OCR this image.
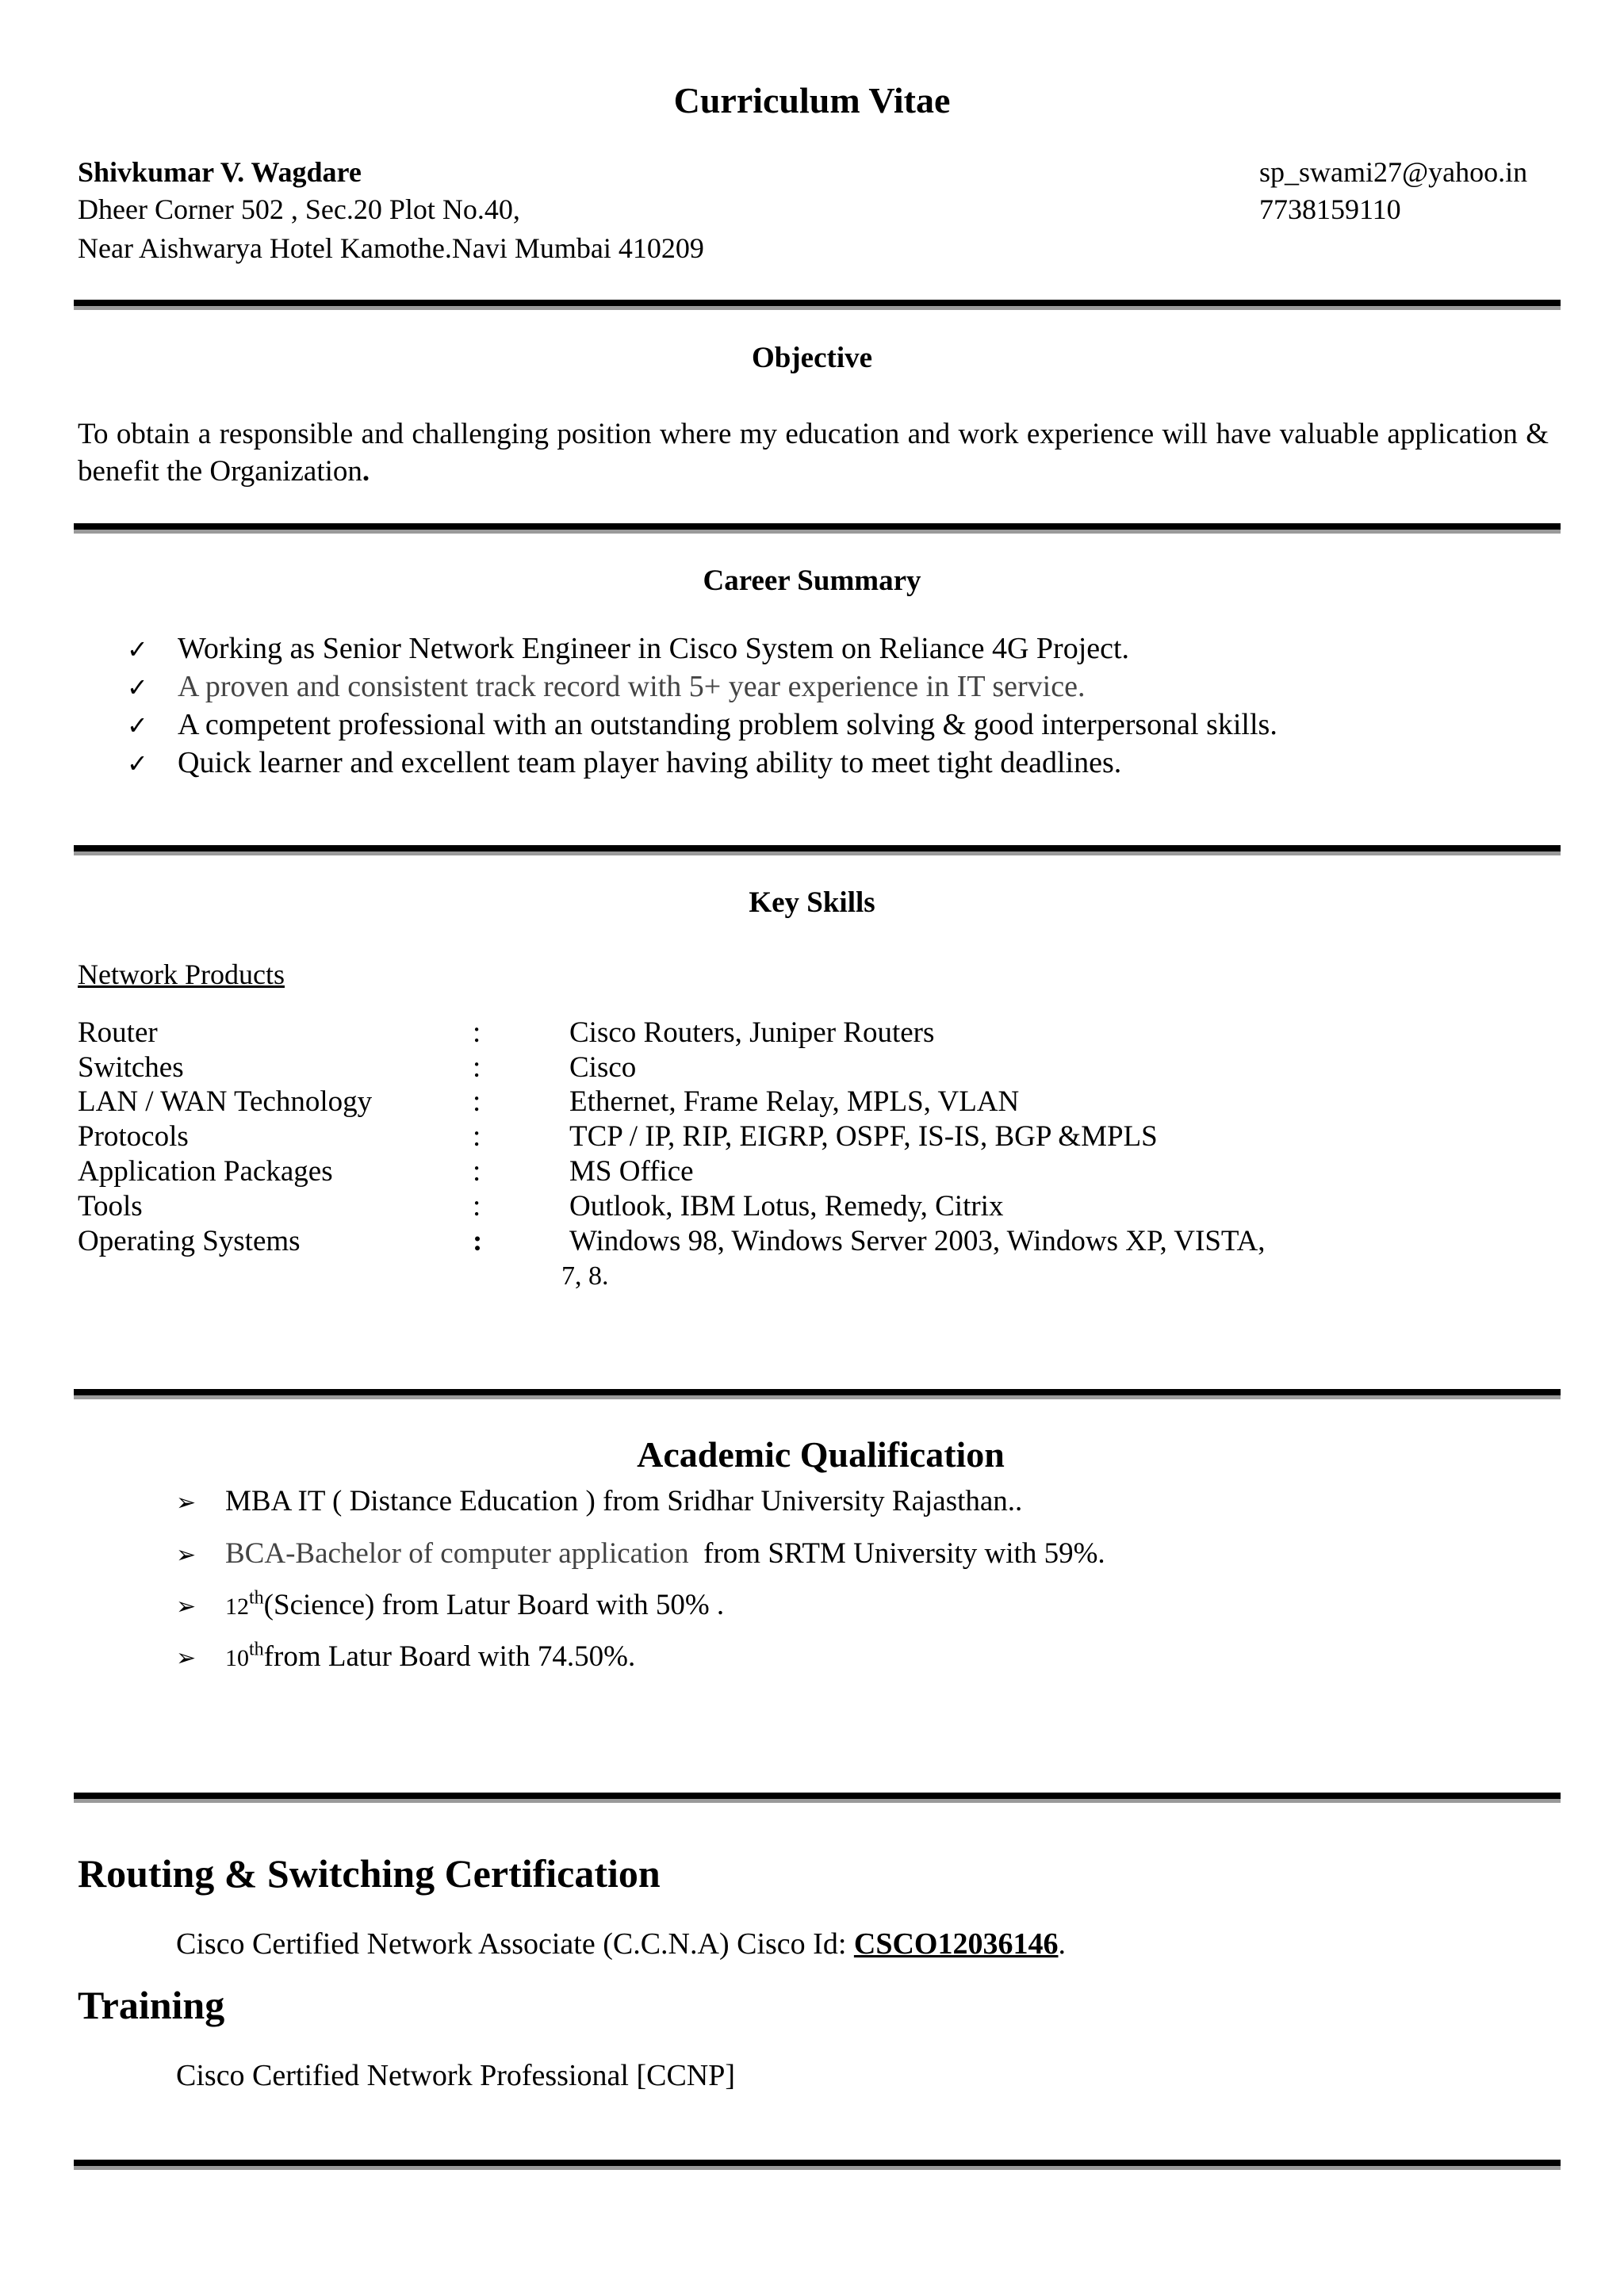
Curriculum Vitae
Shivkumar V. Wagdare
Dheer Corner 502 , Sec.20 Plot No.40,
Near Aishwarya Hotel Kamothe.Navi Mumbai 410209
sp_swami27@yahoo.in
7738159110
Objective
To obtain a responsible and challenging position where my education and work experience will have valuable application & benefit the Organization.
Career Summary
✓ Working as Senior Network Engineer in Cisco System on Reliance 4G Project.
✓ A proven and consistent track record with 5+ year experience in IT service.
✓ A competent professional with an outstanding problem solving & good interpersonal skills.
✓ Quick learner and excellent team player having ability to meet tight deadlines.
Key Skills
Network Products
Router	:	Cisco Routers, Juniper Routers
Switches	:	Cisco
LAN / WAN Technology	:	Ethernet, Frame Relay, MPLS, VLAN
Protocols	:	TCP / IP, RIP, EIGRP, OSPF, IS-IS, BGP &MPLS
Application Packages	:	MS Office
Tools	:	Outlook, IBM Lotus, Remedy, Citrix
Operating Systems	:	Windows 98, Windows Server 2003, Windows XP, VISTA,
7, 8.
Academic Qualification
➢ MBA IT ( Distance Education ) from Sridhar University Rajasthan..
➢ BCA-Bachelor of computer application from SRTM University with 59%.
➢ 12th(Science) from Latur Board with 50% .
➢ 10thfrom Latur Board with 74.50%.
Routing & Switching Certification
Cisco Certified Network Associate (C.C.N.A) Cisco Id: CSCO12036146.
Training
Cisco Certified Network Professional [CCNP]
